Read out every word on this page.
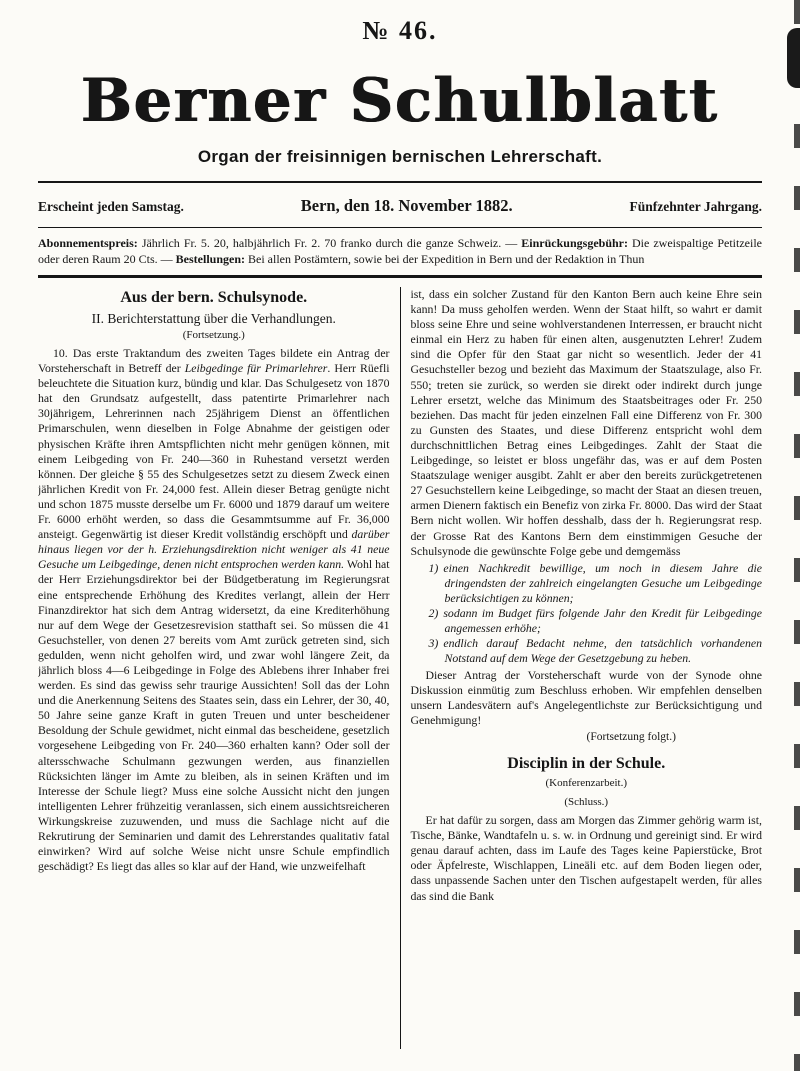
№ 46.
Berner Schulblatt
Organ der freisinnigen bernischen Lehrerschaft.
Erscheint jeden Samstag.	Bern, den 18. November 1882.	Fünfzehnter Jahrgang.

Abonnementspreis: Jährlich Fr. 5. 20, halbjährlich Fr. 2. 70 franko durch die ganze Schweiz. — Einrückungsgebühr: Die zweispaltige Petitzeile oder deren Raum 20 Cts. — Bestellungen: Bei allen Postämtern, sowie bei der Expedition in Bern und der Redaktion in Thun

Aus der bern. Schulsynode.
II. Berichterstattung über die Verhandlungen.
(Fortsetzung.)

10. Das erste Traktandum des zweiten Tages bildete ein Antrag der Vorsteherschaft in Betreff der Leibgedinge für Primarlehrer. Herr Rüefli beleuchtete die Situation kurz, bündig und klar. Das Schulgesetz von 1870 hat den Grundsatz aufgestellt, dass patentirte Primarlehrer nach 30jährigem, Lehrerinnen nach 25jährigem Dienst an öffentlichen Primarschulen, wenn dieselben in Folge Abnahme der geistigen oder physischen Kräfte ihren Amtspflichten nicht mehr genügen können, mit einem Leibgeding von Fr. 240—360 in Ruhestand versetzt werden können. Der gleiche § 55 des Schulgesetzes setzt zu diesem Zweck einen jährlichen Kredit von Fr. 24,000 fest. Allein dieser Betrag genügte nicht und schon 1875 musste derselbe um Fr. 6000 und 1879 darauf um weitere Fr. 6000 erhöht werden, so dass die Gesammtsumme auf Fr. 36,000 ansteigt. Gegenwärtig ist dieser Kredit vollständig erschöpft und darüber hinaus liegen vor der h. Erziehungsdirektion nicht weniger als 41 neue Gesuche um Leibgedinge, denen nicht entsprochen werden kann. Wohl hat der Herr Erziehungsdirektor bei der Büdgetberatung im Regierungsrat eine entsprechende Erhöhung des Kredites verlangt, allein der Herr Finanzdirektor hat sich dem Antrag widersetzt, da eine Krediterhöhung nur auf dem Wege der Gesetzesrevision statthaft sei. So müssen die 41 Gesuchsteller, von denen 27 bereits vom Amt zurück getreten sind, sich gedulden, wenn nicht geholfen wird, und zwar wohl längere Zeit, da jährlich bloss 4—6 Leibgedinge in Folge des Ablebens ihrer Inhaber frei werden. Es sind das gewiss sehr traurige Aussichten! Soll das der Lohn und die Anerkennung Seitens des Staates sein, dass ein Lehrer, der 30, 40, 50 Jahre seine ganze Kraft in guten Treuen und unter bescheidener Besoldung der Schule gewidmet, nicht einmal das bescheidene, gesetzlich vorgesehene Leibgeding von Fr. 240—360 erhalten kann? Oder soll der altersschwache Schulmann gezwungen werden, aus finanziellen Rücksichten länger im Amte zu bleiben, als in seinen Kräften und im Interesse der Schule liegt? Muss eine solche Aussicht nicht den jungen intelligenten Lehrer frühzeitig veranlassen, sich einem aussichtsreicheren Wirkungskreise zuzuwenden, und muss die Sachlage nicht auf die Rekrutirung der Seminarien und damit des Lehrerstandes qualitativ fatal einwirken? Wird auf solche Weise nicht unsre Schule empfindlich geschädigt? Es liegt das alles so klar auf der Hand, wie unzweifelhaft

ist, dass ein solcher Zustand für den Kanton Bern auch keine Ehre sein kann! Da muss geholfen werden. Wenn der Staat hilft, so wahrt er damit bloss seine Ehre und seine wohlverstandenen Interressen, er braucht nicht einmal ein Herz zu haben für einen alten, ausgenutzten Lehrer! Zudem sind die Opfer für den Staat gar nicht so wesentlich. Jeder der 41 Gesuchsteller bezog und bezieht das Maximum der Staatszulage, also Fr. 550; treten sie zurück, so werden sie direkt oder indirekt durch junge Lehrer ersetzt, welche das Minimum des Staatsbeitrages oder Fr. 250 beziehen. Das macht für jeden einzelnen Fall eine Differenz von Fr. 300 zu Gunsten des Staates, und diese Differenz entspricht wohl dem durchschnittlichen Betrag eines Leibgedinges. Zahlt der Staat die Leibgedinge, so leistet er bloss ungefähr das, was er auf dem Posten Staatszulage weniger ausgibt. Zahlt er aber den bereits zurückgetretenen 27 Gesuchstellern keine Leibgedinge, so macht der Staat an diesen treuen, armen Dienern faktisch ein Benefiz von zirka Fr. 8000. Das wird der Staat Bern nicht wollen. Wir hoffen desshalb, dass der h. Regierungsrat resp. der Grosse Rat des Kantons Bern dem einstimmigen Gesuche der Schulsynode die gewünschte Folge gebe und demgemäss

1) einen Nachkredit bewillige, um noch in diesem Jahre die dringendsten der zahlreich eingelangten Gesuche um Leibgedinge berücksichtigen zu können;
2) sodann im Budget fürs folgende Jahr den Kredit für Leibgedinge angemessen erhöhe;
3) endlich darauf Bedacht nehme, den tatsächlich vorhandenen Notstand auf dem Wege der Gesetzgebung zu heben.

Dieser Antrag der Vorsteherschaft wurde von der Synode ohne Diskussion einmütig zum Beschluss erhoben. Wir empfehlen denselben unsern Landesvätern auf's Angelegentlichste zur Berücksichtigung und Genehmigung!

(Fortsetzung folgt.)
Disciplin in der Schule.
(Konferenzarbeit.)
(Schluss.)

Er hat dafür zu sorgen, dass am Morgen das Zimmer gehörig warm ist, Tische, Bänke, Wandtafeln u. s. w. in Ordnung und gereinigt sind. Er wird genau darauf achten, dass im Laufe des Tages keine Papierstücke, Brot oder Äpfelreste, Wischlappen, Lineäli etc. auf dem Boden liegen oder, dass unpassende Sachen unter den Tischen aufgestapelt werden, für alles das sind die Bank
